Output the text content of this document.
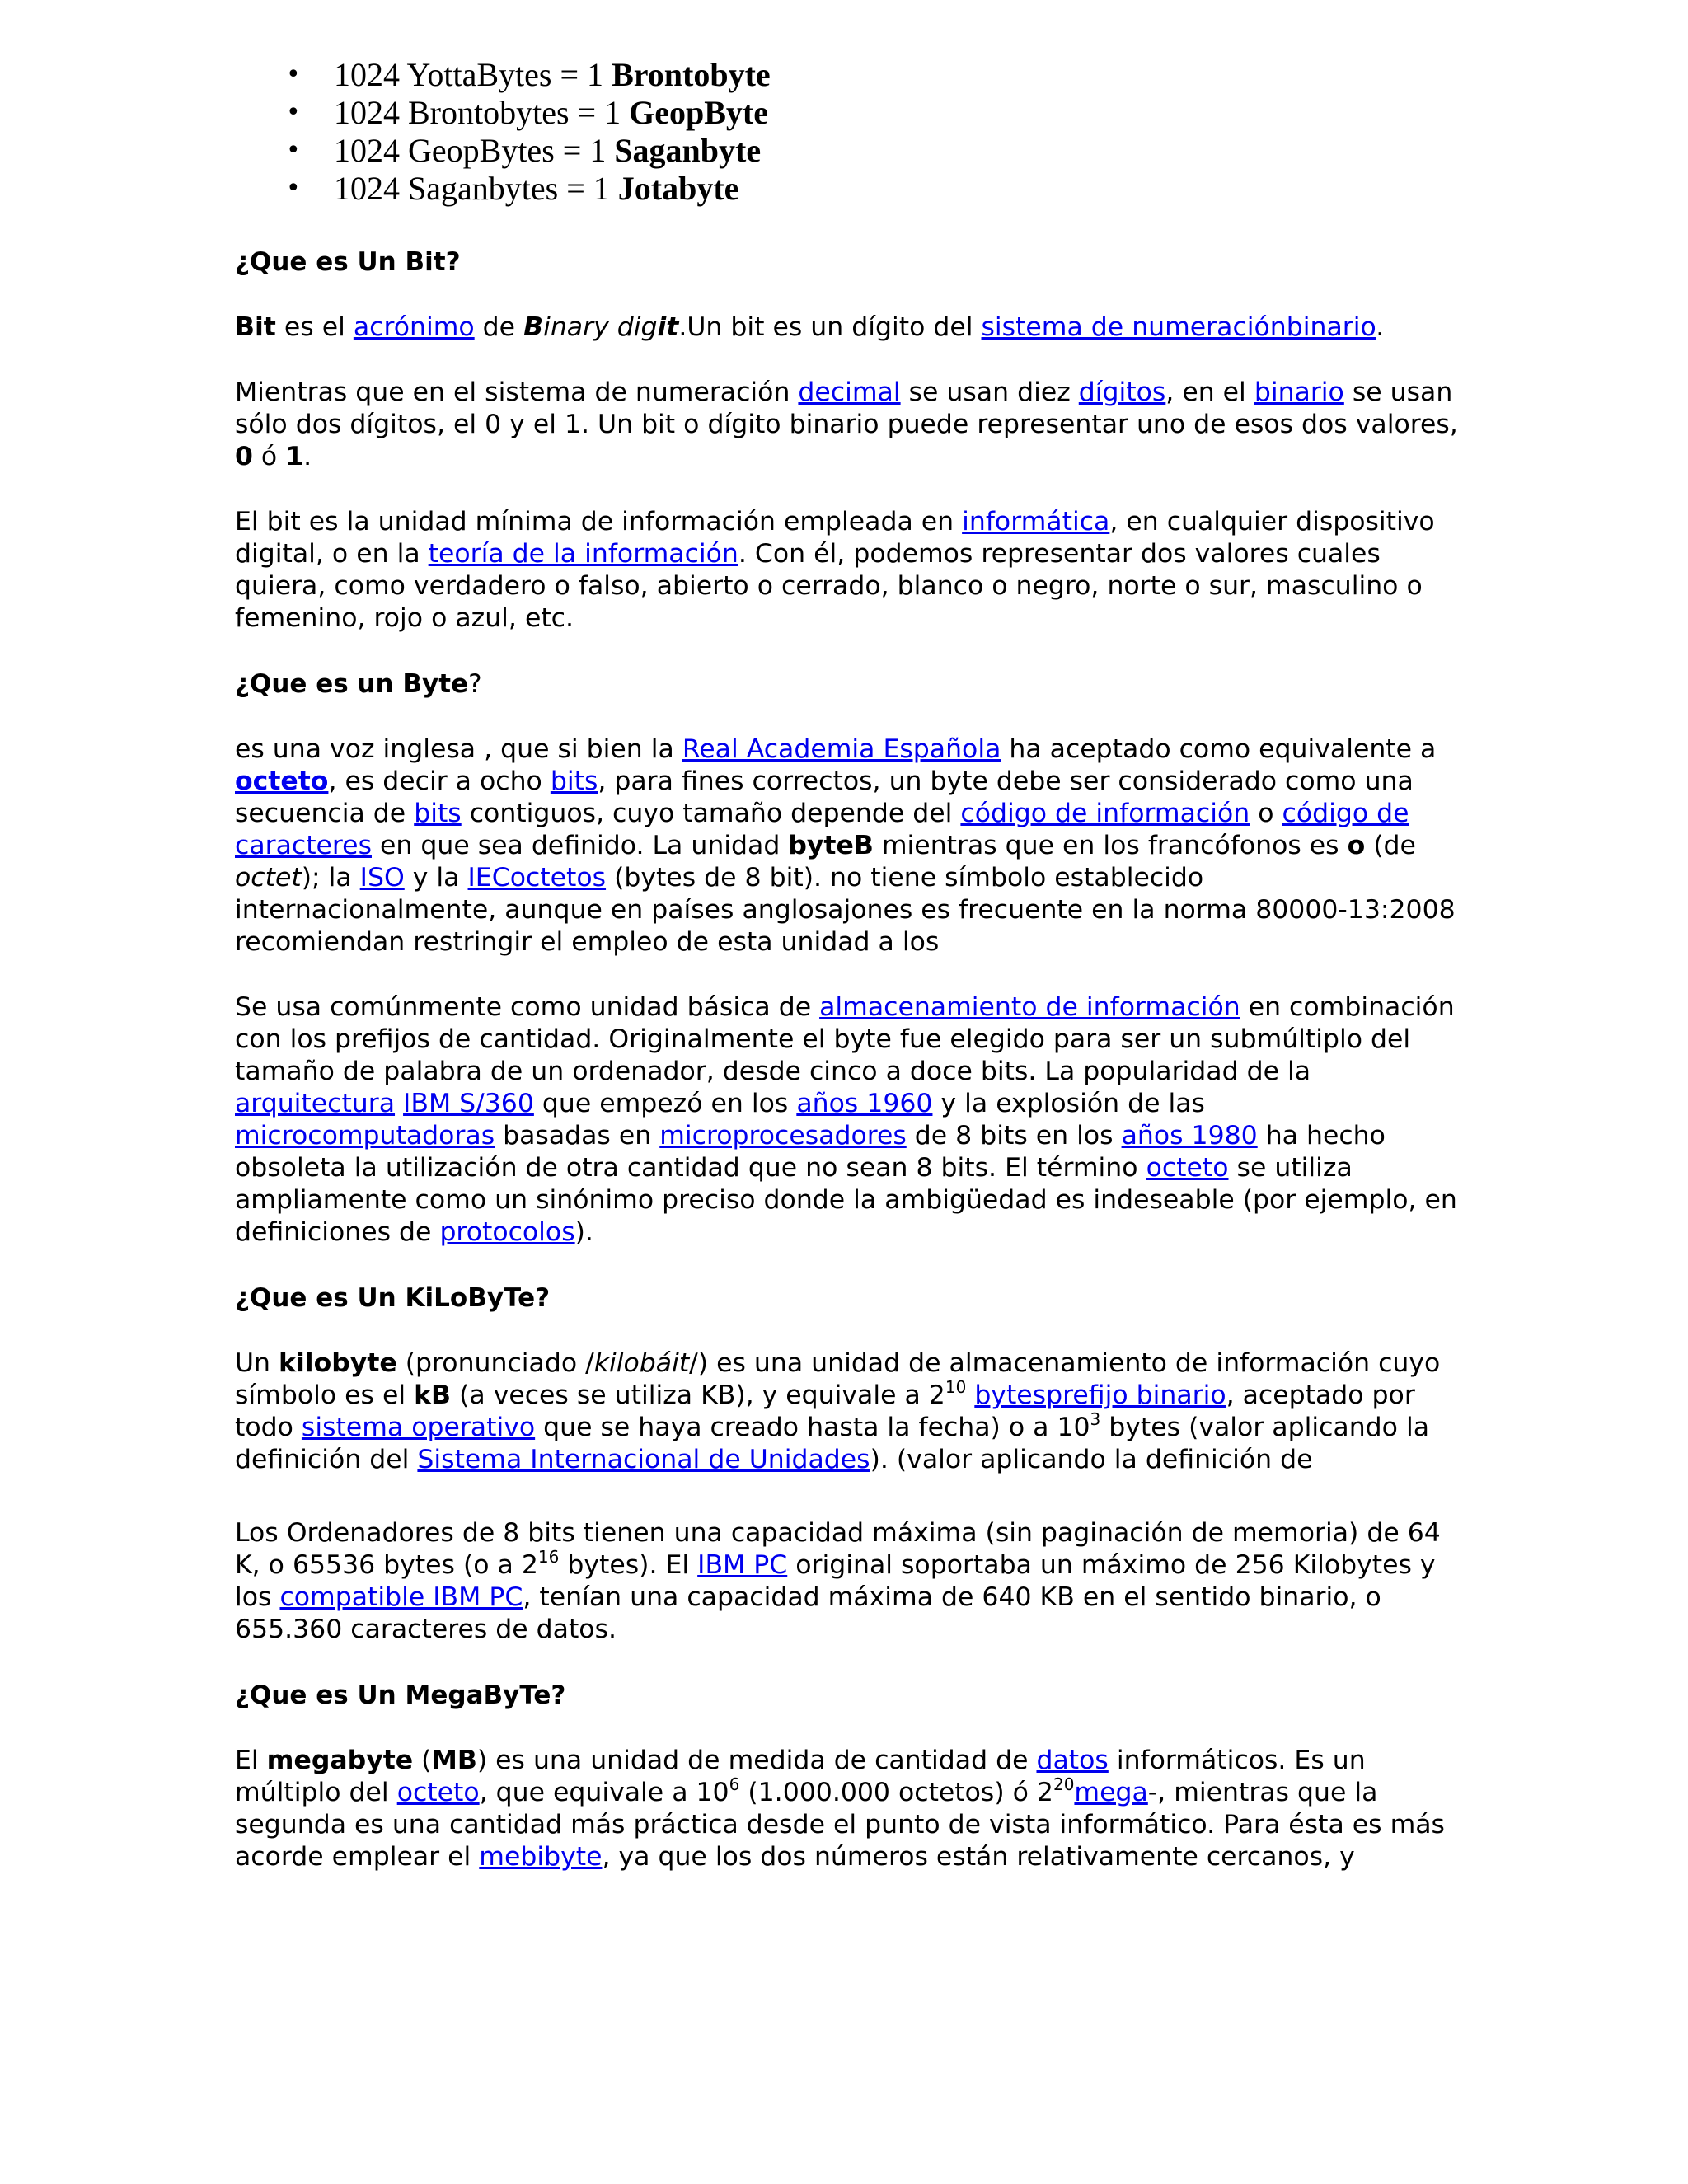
• 1024 YottaBytes = 1 Brontobyte
• 1024 Brontobytes = 1 GeopByte
• 1024 GeopBytes = 1 Saganbyte
• 1024 Saganbytes = 1 Jotabyte

¿Que es Un Bit?

Bit es el acrónimo de Binary digit.Un bit es un dígito del sistema de numeraciónbinario.

Mientras que en el sistema de numeración decimal se usan diez dígitos, en el binario se usan sólo dos dígitos, el 0 y el 1. Un bit o dígito binario puede representar uno de esos dos valores, 0 ó 1.

El bit es la unidad mínima de información empleada en informática, en cualquier dispositivo digital, o en la teoría de la información. Con él, podemos representar dos valores cuales quiera, como verdadero o falso, abierto o cerrado, blanco o negro, norte o sur, masculino o femenino, rojo o azul, etc.

¿Que es un Byte?

es una voz inglesa , que si bien la Real Academia Española ha aceptado como equivalente a octeto, es decir a ocho bits, para fines correctos, un byte debe ser considerado como una secuencia de bits contiguos, cuyo tamaño depende del código de información o código de caracteres en que sea definido. La unidad byteB mientras que en los francófonos es o (de octet); la ISO y la IECoctetos (bytes de 8 bit). no tiene símbolo establecido internacionalmente, aunque en países anglosajones es frecuente en la norma 80000-13:2008 recomiendan restringir el empleo de esta unidad a los

Se usa comúnmente como unidad básica de almacenamiento de información en combinación con los prefijos de cantidad. Originalmente el byte fue elegido para ser un submúltiplo del tamaño de palabra de un ordenador, desde cinco a doce bits. La popularidad de la arquitectura IBM S/360 que empezó en los años 1960 y la explosión de las microcomputadoras basadas en microprocesadores de 8 bits en los años 1980 ha hecho obsoleta la utilización de otra cantidad que no sean 8 bits. El término octeto se utiliza ampliamente como un sinónimo preciso donde la ambigüedad es indeseable (por ejemplo, en definiciones de protocolos).

¿Que es Un KiLoByTe?

Un kilobyte (pronunciado /kilobáit/) es una unidad de almacenamiento de información cuyo símbolo es el kB (a veces se utiliza KB), y equivale a $2^{10}$ bytesprefijo binario, aceptado por todo sistema operativo que se haya creado hasta la fecha) o a $10^3$ bytes (valor aplicando la definición del Sistema Internacional de Unidades). (valor aplicando la definición de

Los Ordenadores de 8 bits tienen una capacidad máxima (sin paginación de memoria) de 64 K, o 65536 bytes (o a $2^{16}$ bytes). El IBM PC original soportaba un máximo de 256 Kilobytes y los compatible IBM PC, tenían una capacidad máxima de 640 KB en el sentido binario, o 655.360 caracteres de datos.

¿Que es Un MegaByTe?

El megabyte (MB) es una unidad de medida de cantidad de datos informáticos. Es un múltiplo del octeto, que equivale a $10^6$ (1.000.000 octetos) ó $2^{20}mega-$, mientras que la segunda es una cantidad más práctica desde el punto de vista informático. Para ésta es más acorde emplear el mebibyte, ya que los dos números están relativamente cercanos, y
